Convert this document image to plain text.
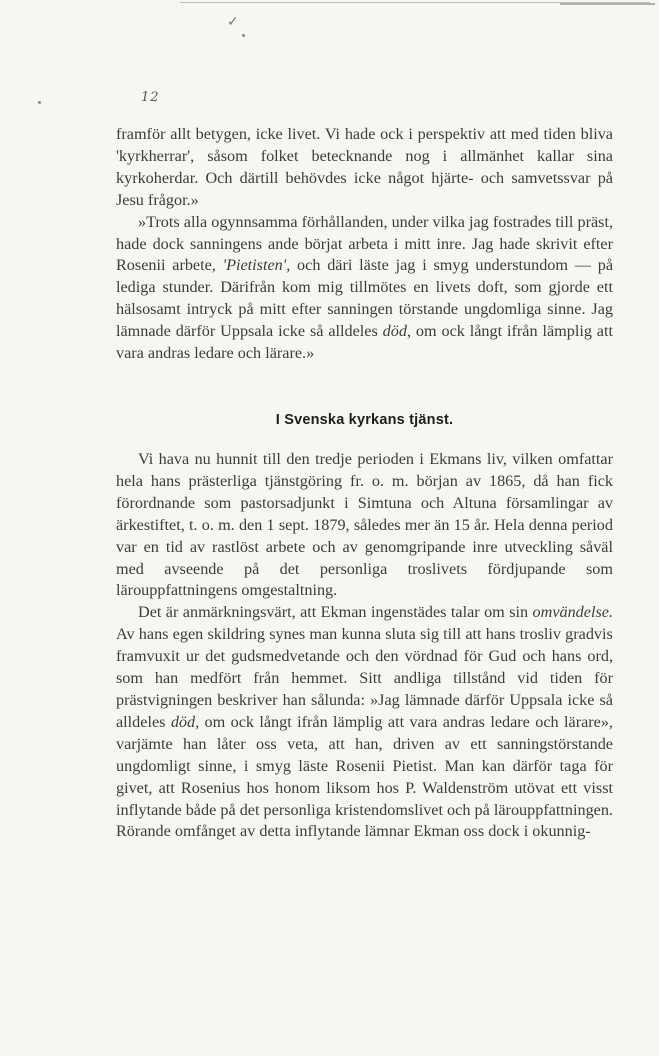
✓

12

framför allt betygen, icke livet. Vi hade ock i perspektiv att med tiden bliva 'kyrkherrar', såsom folket betecknande nog i allmänhet kallar sina kyrkoherdar. Och därtill behövdes icke något hjärte- och samvetssvar på Jesu frågor.»

»Trots alla ogynnsamma förhållanden, under vilka jag fostrades till präst, hade dock sanningens ande börjat arbeta i mitt inre. Jag hade skrivit efter Rosenii arbete, 'Pietisten', och däri läste jag i smyg understundom — på lediga stunder. Därifrån kom mig tillmötes en livets doft, som gjorde ett hälsosamt intryck på mitt efter sanningen törstande ungdomliga sinne. Jag lämnade därför Uppsala icke så alldeles död, om ock långt ifrån lämplig att vara andras ledare och lärare.»

I Svenska kyrkans tjänst.

Vi hava nu hunnit till den tredje perioden i Ekmans liv, vilken omfattar hela hans prästerliga tjänstgöring fr. o. m. början av 1865, då han fick förordnande som pastorsadjunkt i Simtuna och Altuna församlingar av ärkestiftet, t. o. m. den 1 sept. 1879, således mer än 15 år. Hela denna period var en tid av rastlöst arbete och av genomgripande inre utveckling såväl med avseende på det personliga troslivets fördjupande som lärouppfattningens omgestaltning.

Det är anmärkningsvärt, att Ekman ingenstädes talar om sin omvändelse. Av hans egen skildring synes man kunna sluta sig till att hans trosliv gradvis framvuxit ur det gudsmedvetande och den vördnad för Gud och hans ord, som han medfört från hemmet. Sitt andliga tillstånd vid tiden för prästvigningen beskriver han sålunda: »Jag lämnade därför Uppsala icke så alldeles död, om ock långt ifrån lämplig att vara andras ledare och lärare», varjämte han låter oss veta, att han, driven av ett sanningstörstande ungdomligt sinne, i smyg läste Rosenii Pietist. Man kan därför taga för givet, att Rosenius hos honom liksom hos P. Waldenström utövat ett visst inflytande både på det personliga kristendomslivet och på lärouppfattningen. Rörande omfånget av detta inflytande lämnar Ekman oss dock i okunnig-
